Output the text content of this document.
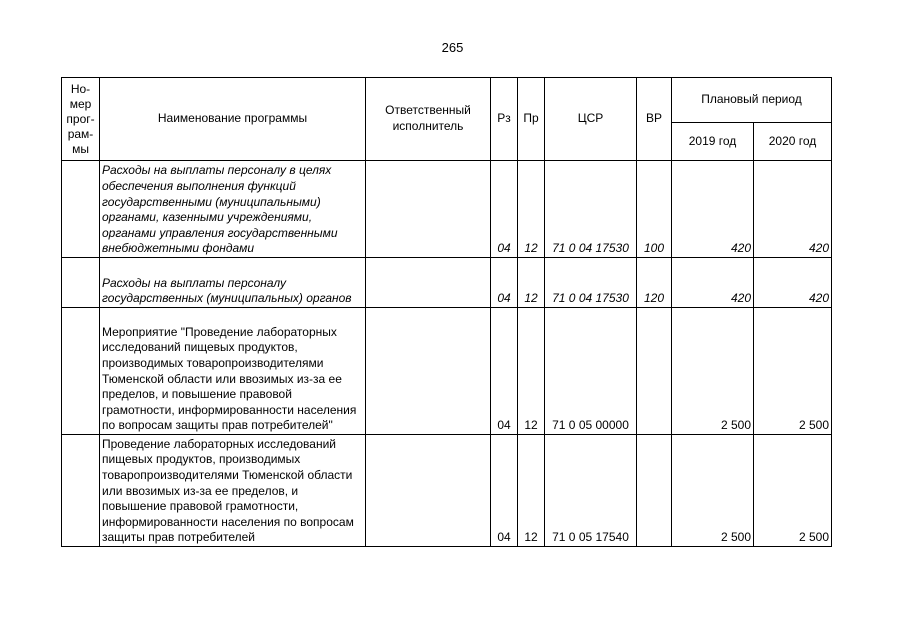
265
Но-
мер
прог-
рам-
мы	Наименование программы	Ответственный исполнитель	Рз	Пр	ЦСР	ВР	Плановый период	
							2019 год	2020 год
	Расходы на выплаты персоналу в целях обеспечения выполнения функций государственными (муниципальными) органами, казенными учреждениями, органами управления государственными внебюджетными фондами		04	12	71 0 04 17530	100	420	420
	Расходы на выплаты персоналу государственных (муниципальных) органов		04	12	71 0 04 17530	120	420	420
	Мероприятие "Проведение лабораторных исследований пищевых продуктов, производимых товаропроизводителями Тюменской области или ввозимых из-за ее пределов, и повышение правовой грамотности, информированности населения по вопросам защиты прав потребителей"		04	12	71 0 05 00000		2 500	2 500
	Проведение лабораторных исследований пищевых продуктов, производимых товаропроизводителями Тюменской области или ввозимых из-за ее пределов, и повышение правовой грамотности, информированности населения по вопросам защиты прав потребителей		04	12	71 0 05 17540		2 500	2 500
